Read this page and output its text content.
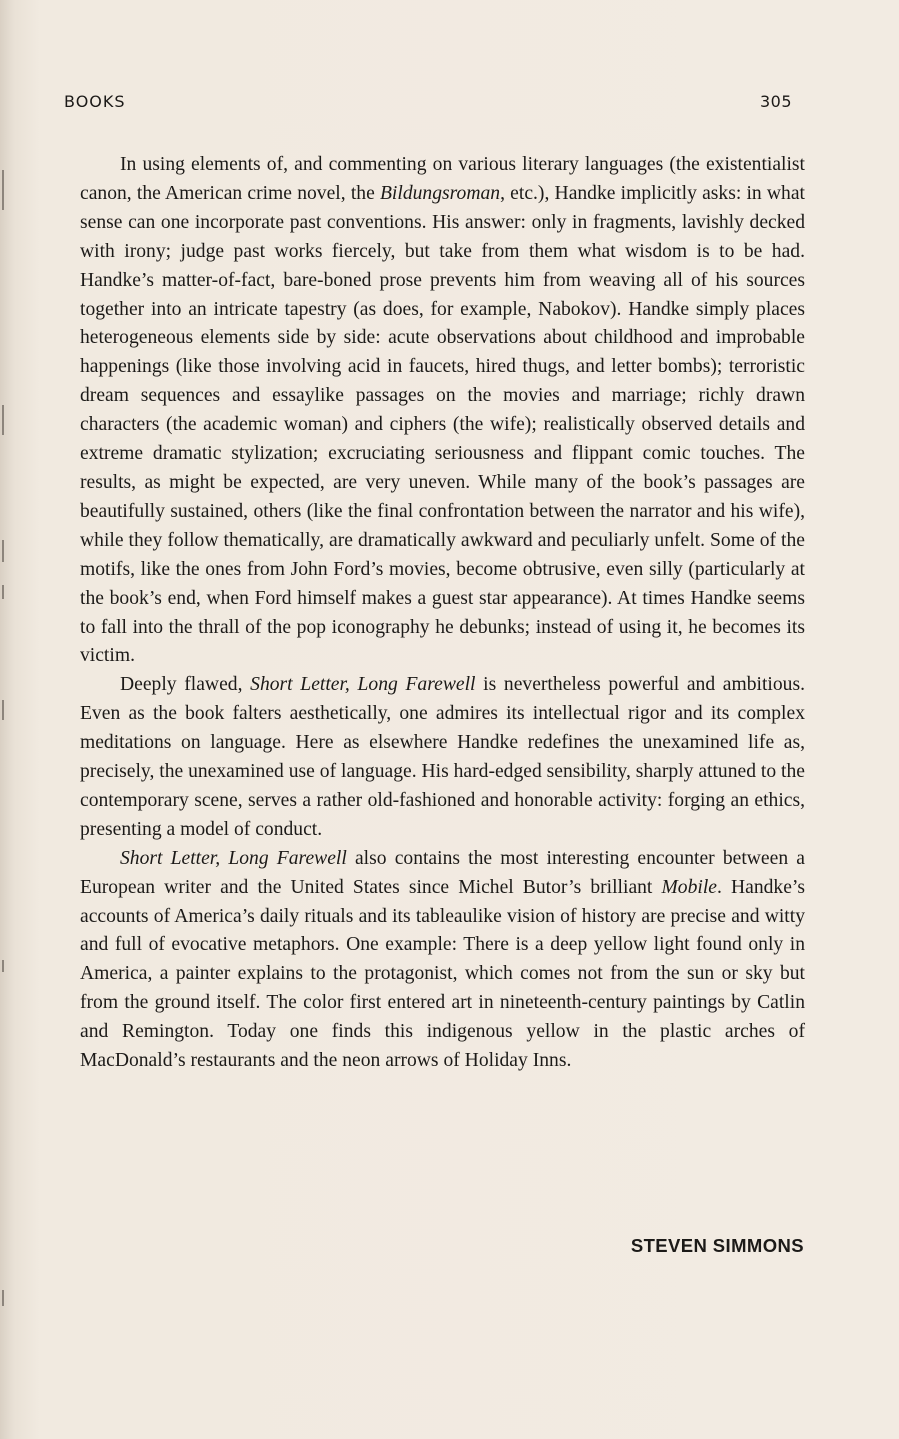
BOOKS	305

In using elements of, and commenting on various literary languages (the existentialist canon, the American crime novel, the Bildungsroman, etc.), Handke implicitly asks: in what sense can one incorporate past conventions. His answer: only in fragments, lavishly decked with irony; judge past works fiercely, but take from them what wisdom is to be had. Handke’s matter-of-fact, bare-boned prose prevents him from weaving all of his sources together into an intricate tapestry (as does, for example, Nabokov). Handke simply places heterogeneous elements side by side: acute observations about childhood and improbable happenings (like those involving acid in faucets, hired thugs, and letter bombs); terroristic dream sequences and essaylike passages on the movies and marriage; richly drawn characters (the academic woman) and ciphers (the wife); realistically observed details and extreme dramatic stylization; excruciating seriousness and flippant comic touches. The results, as might be expected, are very uneven. While many of the book’s passages are beautifully sustained, others (like the final confrontation between the narrator and his wife), while they follow thematically, are dramatically awkward and peculiarly unfelt. Some of the motifs, like the ones from John Ford’s movies, become obtrusive, even silly (particularly at the book’s end, when Ford himself makes a guest star appearance). At times Handke seems to fall into the thrall of the pop iconography he debunks; instead of using it, he becomes its victim.

Deeply flawed, Short Letter, Long Farewell is nevertheless powerful and ambitious. Even as the book falters aesthetically, one admires its intellectual rigor and its complex meditations on language. Here as elsewhere Handke redefines the unexamined life as, precisely, the unexamined use of language. His hard-edged sensibility, sharply attuned to the contemporary scene, serves a rather old-fashioned and honorable activity: forging an ethics, presenting a model of conduct.

Short Letter, Long Farewell also contains the most interesting encounter between a European writer and the United States since Michel Butor’s brilliant Mobile. Handke’s accounts of America’s daily rituals and its tableaulike vision of history are precise and witty and full of evocative metaphors. One example: There is a deep yellow light found only in America, a painter explains to the protagonist, which comes not from the sun or sky but from the ground itself. The color first entered art in nineteenth-century paintings by Catlin and Remington. Today one finds this indigenous yellow in the plastic arches of MacDonald’s restaurants and the neon arrows of Holiday Inns.

STEVEN SIMMONS
